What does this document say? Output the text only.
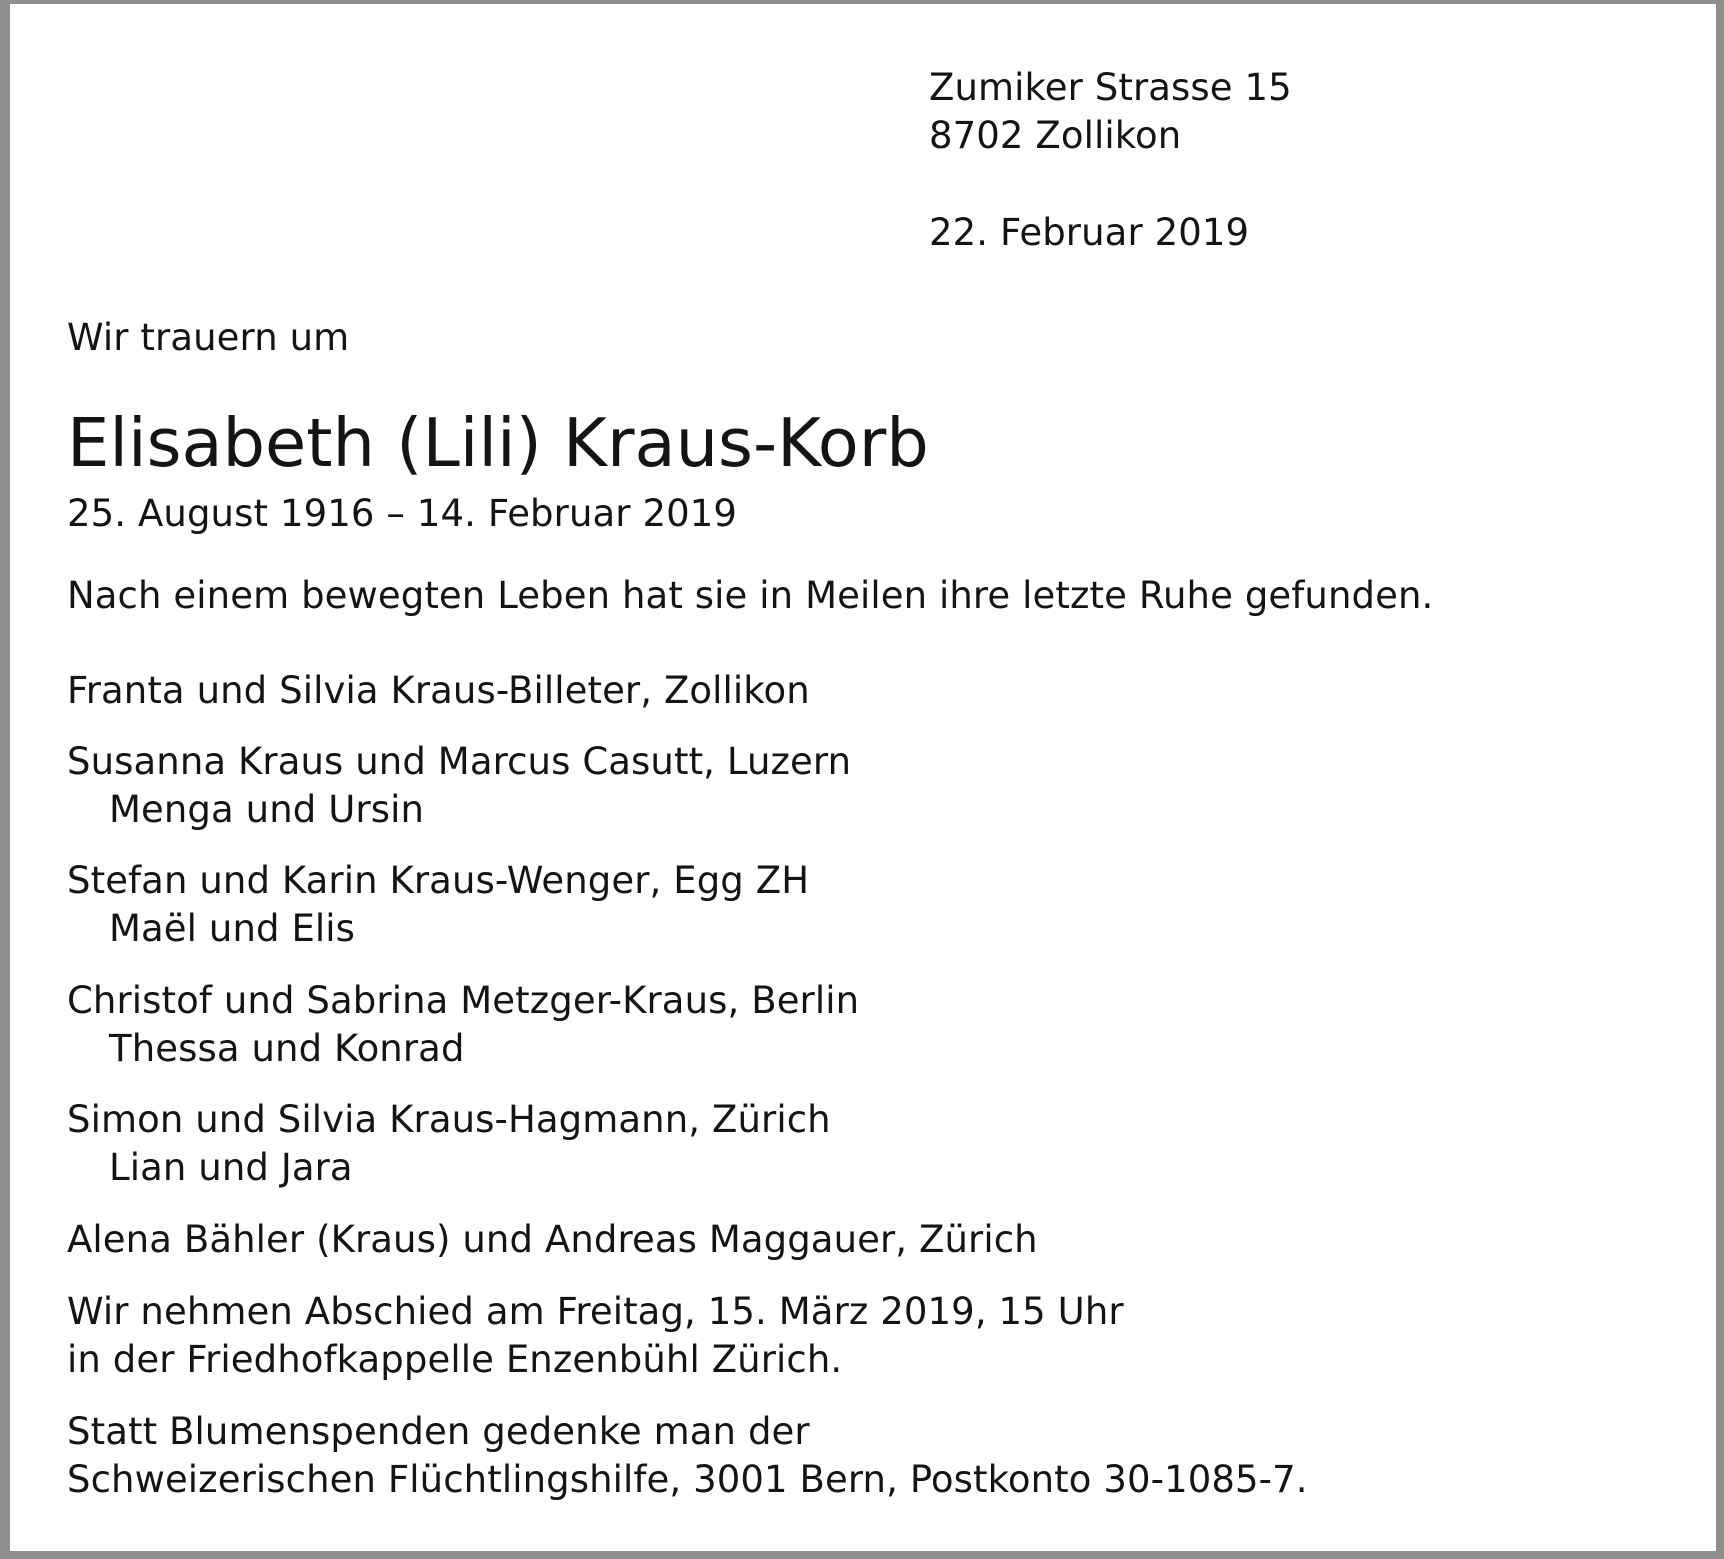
Zumiker Strasse 15
8702 Zollikon
22. Februar 2019
Wir trauern um
Elisabeth (Lili) Kraus-Korb
25. August 1916 – 14. Februar 2019
Nach einem bewegten Leben hat sie in Meilen ihre letzte Ruhe gefunden.
Franta und Silvia Kraus-Billeter, Zollikon
Susanna Kraus und Marcus Casutt, Luzern
Menga und Ursin
Stefan und Karin Kraus-Wenger, Egg ZH
Maël und Elis
Christof und Sabrina Metzger-Kraus, Berlin
Thessa und Konrad
Simon und Silvia Kraus-Hagmann, Zürich
Lian und Jara
Alena Bähler (Kraus) und Andreas Maggauer, Zürich
Wir nehmen Abschied am Freitag, 15. März 2019, 15 Uhr
in der Friedhofkappelle Enzenbühl Zürich.
Statt Blumenspenden gedenke man der
Schweizerischen Flüchtlingshilfe, 3001 Bern, Postkonto 30-1085-7.
